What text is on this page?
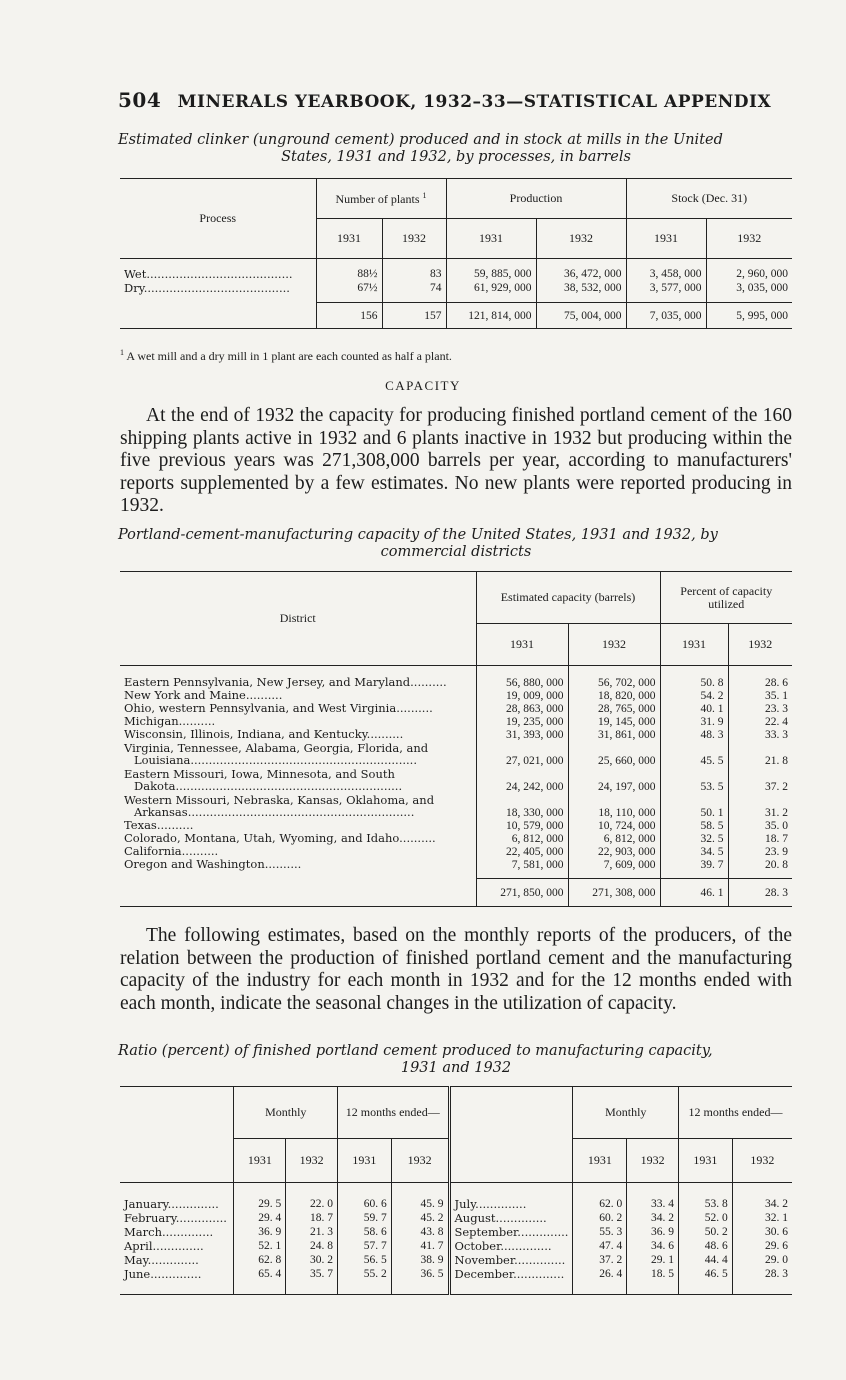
504 MINERALS YEARBOOK, 1932–33—STATISTICAL APPENDIX
Estimated clinker (unground cement) produced and in stock at mills in the United
States, 1931 and 1932, by processes, in barrels
Process	Number of plants $^1$		Production		Stock (Dec. 31)	
	1931	1932	1931	1932	1931	1932

Wet........................................	88½	83	59, 885, 000	36, 472, 000	3, 458, 000	2, 960, 000
Dry........................................	67½	74	61, 929, 000	38, 532, 000	3, 577, 000	3, 035, 000

	156	157	121, 814, 000	75, 004, 000	7, 035, 000	5, 995, 000
$^1$ A wet mill and a dry mill in 1 plant are each counted as half a plant.
CAPACITY
At the end of 1932 the capacity for producing finished portland cement of the 160 shipping plants active in 1932 and 6 plants inactive in 1932 but producing within the five previous years was 271,308,000 barrels per year, according to manufacturers' reports supplemented by a few estimates. No new plants were reported producing in 1932.
Portland-cement-manufacturing capacity of the United States, 1931 and 1932, by
commercial districts
District	Estimated capacity (barrels)		Percent of capacity utilized	
	1931	1932	1931	1932

Eastern Pennsylvania, New Jersey, and Maryland..........	56, 880, 000	56, 702, 000	50. 8	28. 6
New York and Maine..........	19, 009, 000	18, 820, 000	54. 2	35. 1
Ohio, western Pennsylvania, and West Virginia..........	28, 863, 000	28, 765, 000	40. 1	23. 3
Michigan..........	19, 235, 000	19, 145, 000	31. 9	22. 4
Wisconsin, Illinois, Indiana, and Kentucky..........	31, 393, 000	31, 861, 000	48. 3	33. 3
Virginia, Tennessee, Alabama, Georgia, Florida, and
Louisiana..............................................................	27, 021, 000	25, 660, 000	45. 5	21. 8
Eastern Missouri, Iowa, Minnesota, and South
Dakota..............................................................	24, 242, 000	24, 197, 000	53. 5	37. 2
Western Missouri, Nebraska, Kansas, Oklahoma, and
Arkansas..............................................................	18, 330, 000	18, 110, 000	50. 1	31. 2
Texas..........	10, 579, 000	10, 724, 000	58. 5	35. 0
Colorado, Montana, Utah, Wyoming, and Idaho..........	6, 812, 000	6, 812, 000	32. 5	18. 7
California..........	22, 405, 000	22, 903, 000	34. 5	23. 9
Oregon and Washington..........	7, 581, 000	7, 609, 000	39. 7	20. 8

	271, 850, 000	271, 308, 000	46. 1	28. 3
The following estimates, based on the monthly reports of the producers, of the relation between the production of finished portland cement and the manufacturing capacity of the industry for each month in 1932 and for the 12 months ended with each month, indicate the seasonal changes in the utilization of capacity.
Ratio (percent) of finished portland cement produced to manufacturing capacity,
1931 and 1932
	Monthly		12 months ended—			Monthly		12 months ended—	
	1931	1932	1931	1932		1931	1932	1931	1932

January..............	29. 5	22. 0	60. 6	45. 9	July..............	62. 0	33. 4	53. 8	34. 2
February..............	29. 4	18. 7	59. 7	45. 2	August..............	60. 2	34. 2	52. 0	32. 1
March..............	36. 9	21. 3	58. 6	43. 8	September..............	55. 3	36. 9	50. 2	30. 6
April..............	52. 1	24. 8	57. 7	41. 7	October..............	47. 4	34. 6	48. 6	29. 6
May..............	62. 8	30. 2	56. 5	38. 9	November..............	37. 2	29. 1	44. 4	29. 0
June..............	65. 4	35. 7	55. 2	36. 5	December..............	26. 4	18. 5	46. 5	28. 3
